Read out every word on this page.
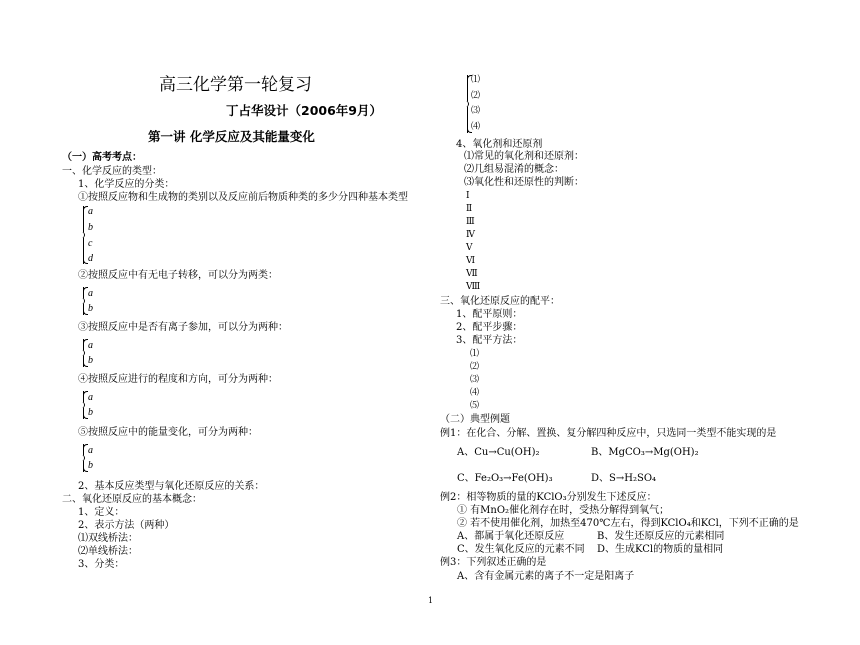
高三化学第一轮复习
丁占华设计（2006年9月）
第一讲 化学反应及其能量变化
（一）高考考点：
一、化学反应的类型：
1、化学反应的分类：
①按照反应物和生成物的类别以及反应前后物质种类的多少分四种基本类型
a
b
c
d
②按照反应中有无电子转移，可以分为两类：
a
b
③按照反应中是否有离子参加，可以分为两种：
a
b
④按照反应进行的程度和方向，可分为两种：
a
b
⑤按照反应中的能量变化，可分为两种：
a
b
2、基本反应类型与氧化还原反应的关系：
二、氧化还原反应的基本概念：
1、定义：
2、表示方法（两种）
⑴双线桥法：
⑵单线桥法：
3、分类：
⑴
⑵
⑶
⑷
4、氧化剂和还原剂
⑴常见的氧化剂和还原剂：
⑵几组易混淆的概念：
⑶氧化性和还原性的判断：
Ⅰ
Ⅱ
Ⅲ
Ⅳ
Ⅴ
Ⅵ
Ⅶ
Ⅷ
三、氧化还原反应的配平：
1、配平原则：
2、配平步骤：
3、配平方法：
⑴
⑵
⑶
⑷
⑸
（二）典型例题
例1：在化合、分解、置换、复分解四种反应中，只选同一类型不能实现的是
A、Cu→Cu(OH)₂	B、MgCO₃→Mg(OH)₂
C、Fe₂O₃→Fe(OH)₃	D、S→H₂SO₄
例2：相等物质的量的KClO₃分别发生下述反应：
① 有MnO₂催化剂存在时，受热分解得到氧气；
② 若不使用催化剂，加热至470℃左右，得到KClO₄和KCl，下列不正确的是
A、都属于氧化还原反应	B、发生还原反应的元素相同
C、发生氧化反应的元素不同 D、生成KCl的物质的量相同
例3：下列叙述正确的是
A、含有金属元素的离子不一定是阳离子
1
